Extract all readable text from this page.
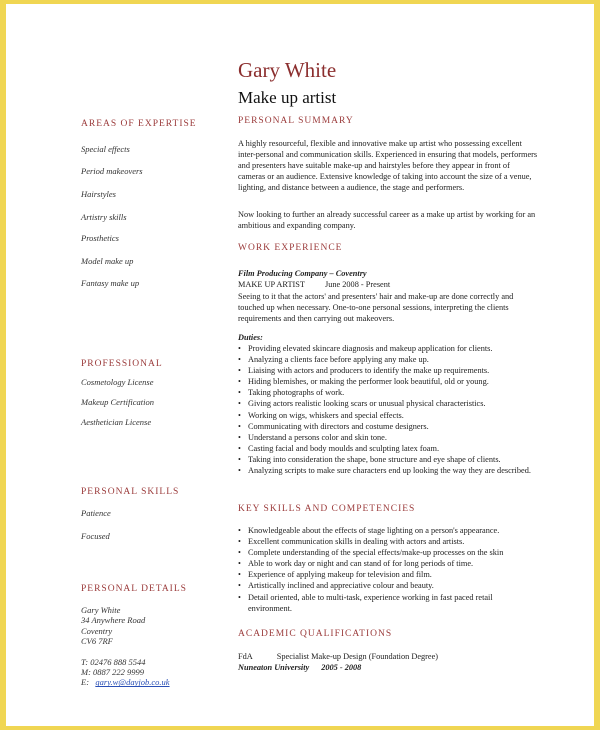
Gary White
Make up artist
AREAS OF EXPERTISE
Special effects
Period makeovers
Hairstyles
Artistry skills
Prosthetics
Model make up
Fantasy make up
PROFESSIONAL
Cosmetology License
Makeup Certification
Aesthetician License
PERSONAL SKILLS
Patience
Focused
PERSONAL DETAILS
Gary White
34 Anywhere Road
Coventry
CV6 7RF
T: 02476 888 5544
M: 0887 222 9999
E: gary.w@dayjob.co.uk
PERSONAL SUMMARY
A highly resourceful, flexible and innovative make up artist who possessing excellent inter-personal and communication skills. Experienced in ensuring that models, performers and presenters have suitable make-up and hairstyles before they appear in front of cameras or an audience. Extensive knowledge of taking into account the size of a venue, lighting, and distance between a audience, the stage and performers.
Now looking to further an already successful career as a make up artist by working for an ambitious and expanding company.
WORK EXPERIENCE
Film Producing Company – Coventry
MAKE UP ARTIST June 2008 - Present
Seeing to it that the actors' and presenters' hair and make-up are done correctly and touched up when necessary. One-to-one personal sessions, interpreting the clients requirements and then carrying out makeovers.
Duties:
• Providing elevated skincare diagnosis and makeup application for clients.
• Analyzing a clients face before applying any make up.
• Liaising with actors and producers to identify the make up requirements.
• Hiding blemishes, or making the performer look beautiful, old or young.
• Taking photographs of work.
• Giving actors realistic looking scars or unusual physical characteristics.
• Working on wigs, whiskers and special effects.
• Communicating with directors and costume designers.
• Understand a persons color and skin tone.
• Casting facial and body moulds and sculpting latex foam.
• Taking into consideration the shape, bone structure and eye shape of clients.
• Analyzing scripts to make sure characters end up looking the way they are described.
KEY SKILLS AND COMPETENCIES
• Knowledgeable about the effects of stage lighting on a person's appearance.
• Excellent communication skills in dealing with actors and artists.
• Complete understanding of the special effects/make-up processes on the skin
• Able to work day or night and can stand of for long periods of time.
• Experience of applying makeup for television and film.
• Artistically inclined and appreciative colour and beauty.
• Detail oriented, able to multi-task, experience working in fast paced retail environment.
ACADEMIC QUALIFICATIONS
FdA	Specialist Make-up Design (Foundation Degree)
Nuneaton University 2005 - 2008
